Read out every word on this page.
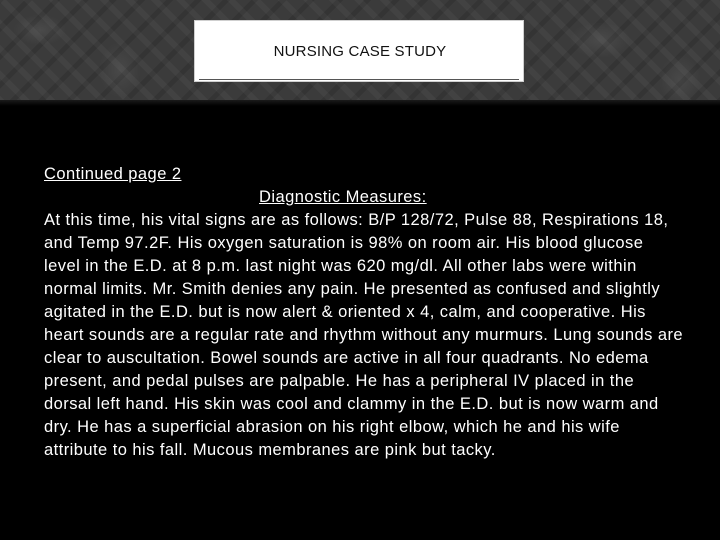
NURSING CASE STUDY

Continued page 2

Diagnostic Measures:

At this time, his vital signs are as follows: B/P 128/72, Pulse 88, Respirations 18, and Temp 97.2F. His oxygen saturation is 98% on room air. His blood glucose level in the E.D. at 8 p.m. last night was 620 mg/dl. All other labs were within normal limits. Mr. Smith denies any pain. He presented as confused and slightly agitated in the E.D. but is now alert & oriented x 4, calm, and cooperative. His heart sounds are a regular rate and rhythm without any murmurs. Lung sounds are clear to auscultation. Bowel sounds are active in all four quadrants. No edema present, and pedal pulses are palpable. He has a peripheral IV placed in the dorsal left hand. His skin was cool and clammy in the E.D. but is now warm and dry. He has a superficial abrasion on his right elbow, which he and his wife attribute to his fall. Mucous membranes are pink but tacky.
